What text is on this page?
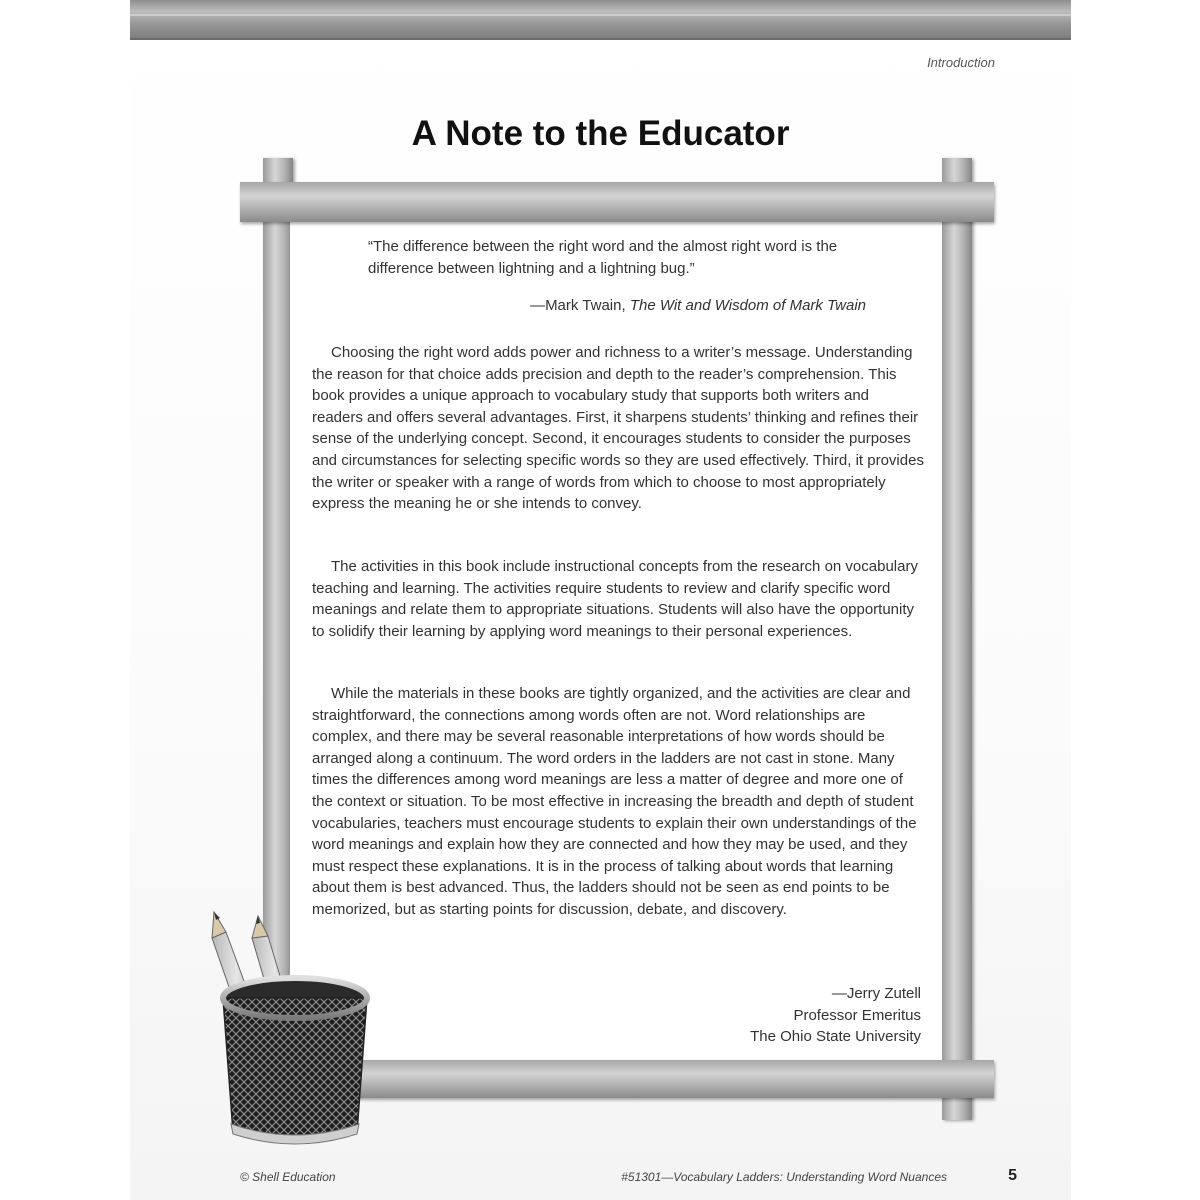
Introduction
A Note to the Educator
“The difference between the right word and the almost right word is the difference between lightning and a lightning bug.”
—Mark Twain, The Wit and Wisdom of Mark Twain

Choosing the right word adds power and richness to a writer’s message. Understanding the reason for that choice adds precision and depth to the reader’s comprehension. This book provides a unique approach to vocabulary study that supports both writers and readers and offers several advantages. First, it sharpens students’ thinking and refines their sense of the underlying concept. Second, it encourages students to consider the purposes and circumstances for selecting specific words so they are used effectively. Third, it provides the writer or speaker with a range of words from which to choose to most appropriately express the meaning he or she intends to convey.

The activities in this book include instructional concepts from the research on vocabulary teaching and learning. The activities require students to review and clarify specific word meanings and relate them to appropriate situations. Students will also have the opportunity to solidify their learning by applying word meanings to their personal experiences.

While the materials in these books are tightly organized, and the activities are clear and straightforward, the connections among words often are not. Word relationships are complex, and there may be several reasonable interpretations of how words should be arranged along a continuum. The word orders in the ladders are not cast in stone. Many times the differences among word meanings are less a matter of degree and more one of the context or situation. To be most effective in increasing the breadth and depth of student vocabularies, teachers must encourage students to explain their own understandings of the word meanings and explain how they are connected and how they may be used, and they must respect these explanations. It is in the process of talking about words that learning about them is best advanced. Thus, the ladders should not be seen as end points to be memorized, but as starting points for discussion, debate, and discovery.

—Jerry Zutell
Professor Emeritus
The Ohio State University
© Shell Education	#51301—Vocabulary Ladders: Understanding Word Nuances	5
